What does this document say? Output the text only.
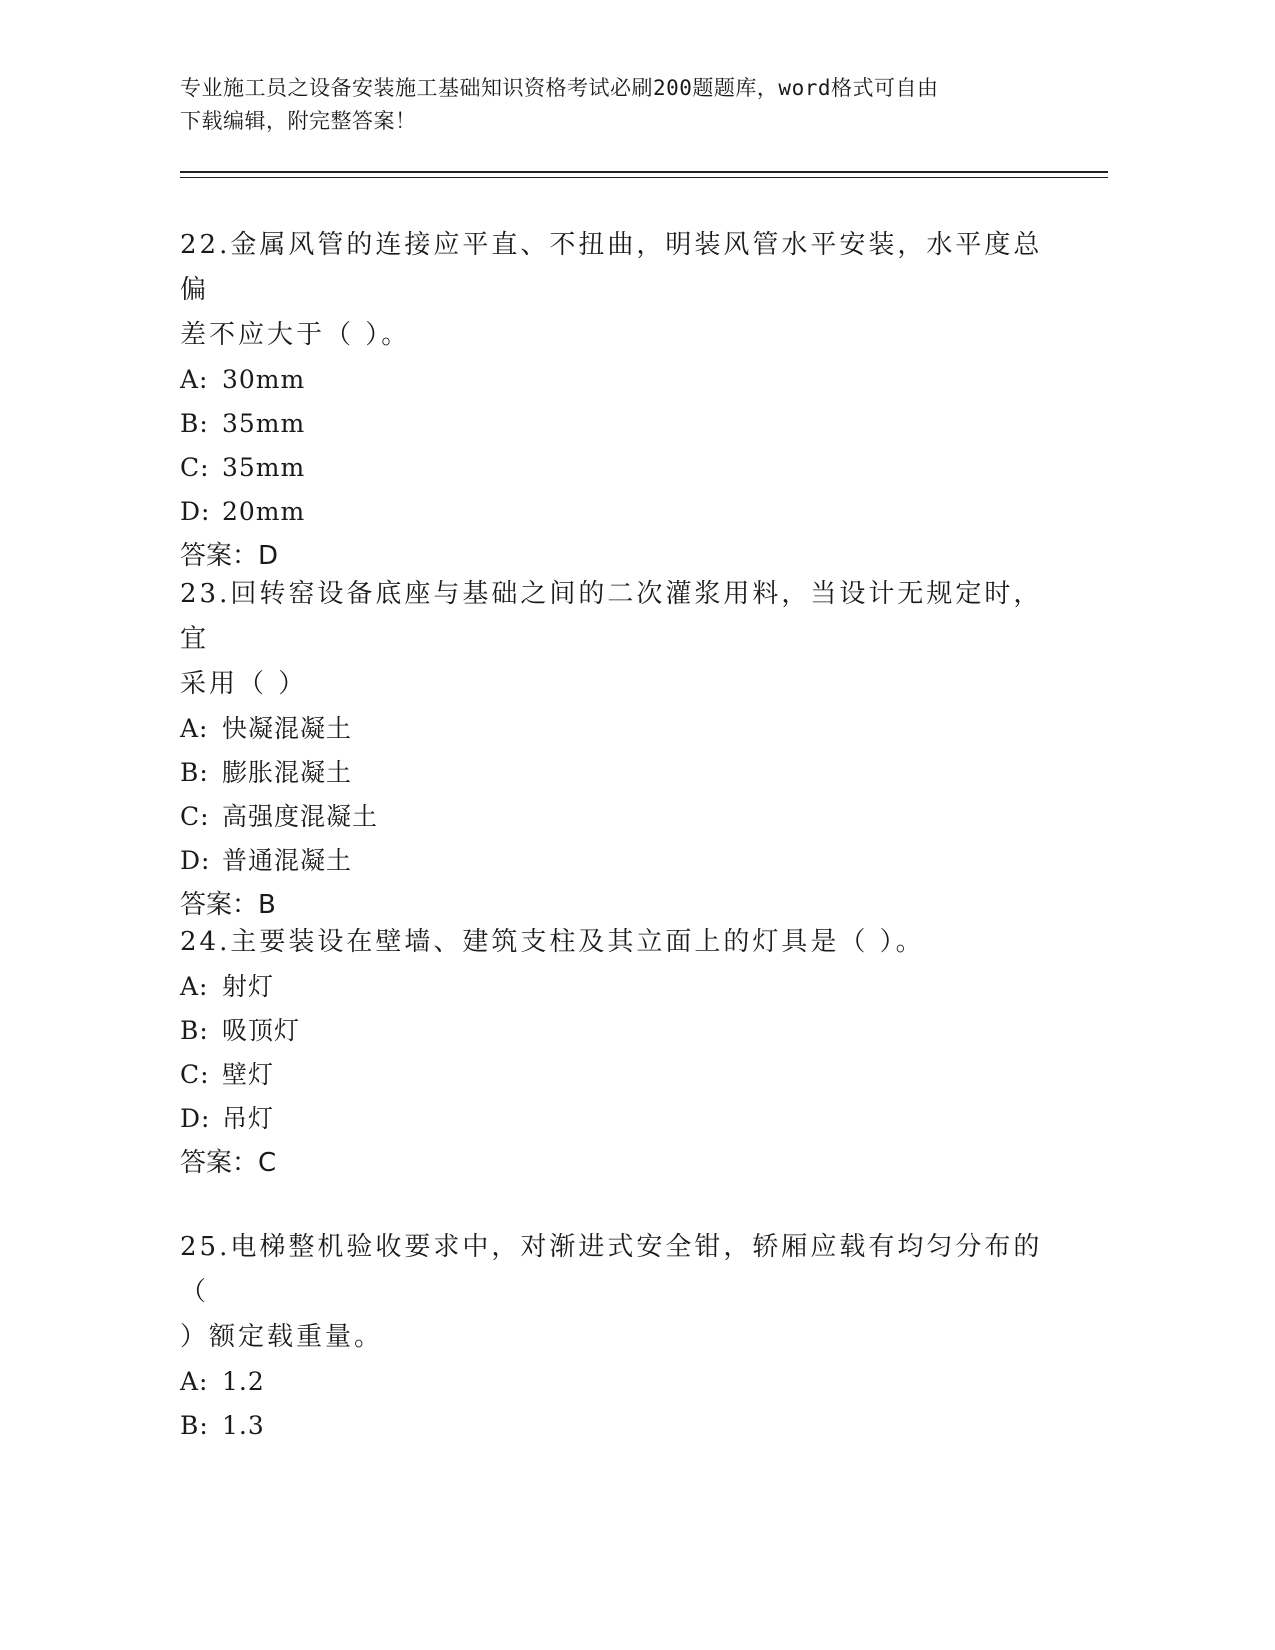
专业施工员之设备安装施工基础知识资格考试必刷200题题库，word格式可自由
下载编辑，附完整答案！

22.金属风管的连接应平直、不扭曲，明装风管水平安装，水平度总偏

差不应大于（ ）。

A: 30mm

B: 35mm

C: 35mm

D: 20mm

答案：D

23.回转窑设备底座与基础之间的二次灌浆用料，当设计无规定时，宜

采用（ ）

A: 快凝混凝土

B: 膨胀混凝土

C: 高强度混凝土

D: 普通混凝土

答案：B

24.主要装设在壁墙、建筑支柱及其立面上的灯具是（ ）。

A: 射灯

B: 吸顶灯

C: 壁灯

D: 吊灯

答案：C

25.电梯整机验收要求中，对渐进式安全钳，轿厢应载有均匀分布的（

）额定载重量。

A: 1.2

B: 1.3
